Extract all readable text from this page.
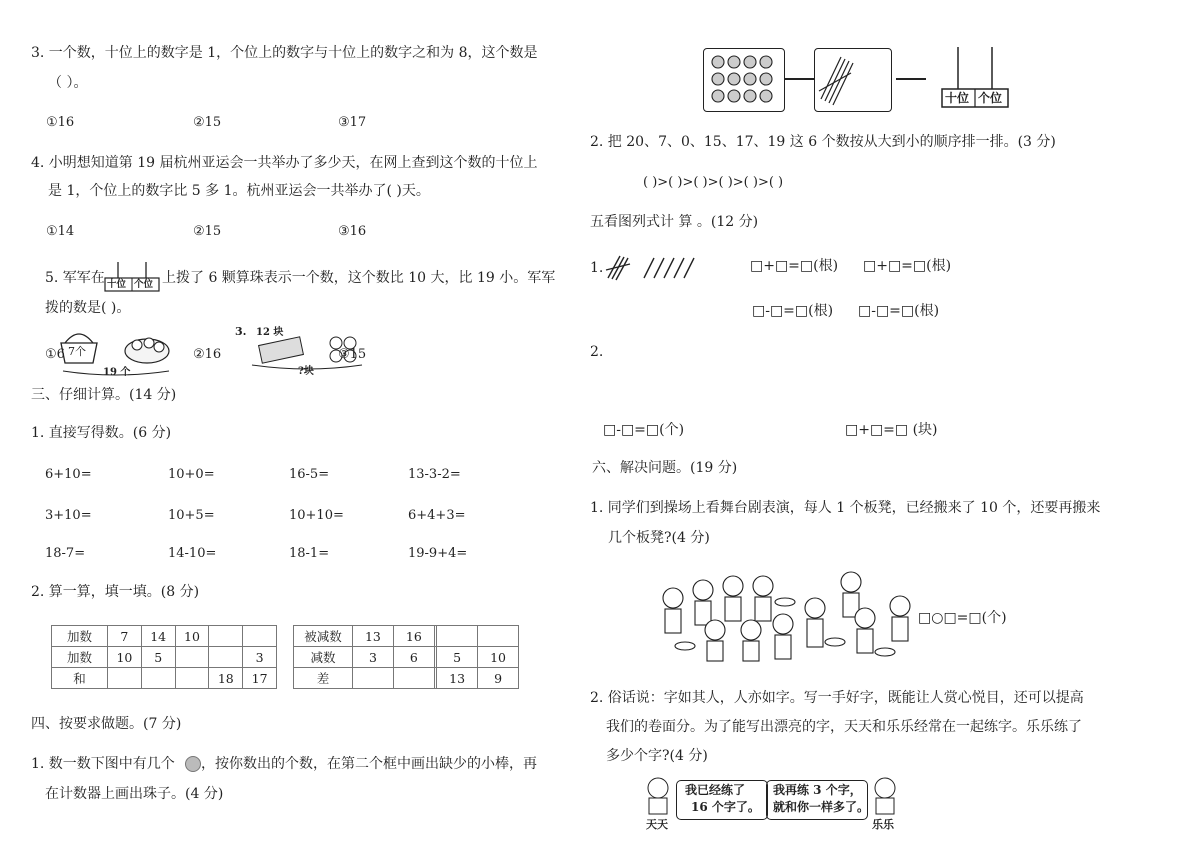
3. 一个数，十位上的数字是 1，个位上的数字与十位上的数字之和为 8，这个数是
（ ）。
①16	②15	③17
4. 小明想知道第 19 届杭州亚运会一共举办了多少天，在网上查到这个数的十位上
是 1，个位上的数字比 5 多 1。杭州亚运会一共举办了( )天。
①14	②15	③16
5. 军军在 十位 个位 上拨了 6 颗算珠表示一个数，这个数比 10 大，比 19 小。军军
拨的数是( )。
7个
19 个
①6	②16
3. 12 块
?块
③15
三、仔细计算。(14 分)
1. 直接写得数。(6 分)
6+10=	10+0=	16-5=	13-3-2=
3+10=	10+5=	10+10=	6+4+3=
18-7=	14-10=	18-1=	19-9+4=
2. 算一算，填一填。(8 分)
加数	7	14	10		
加数	10	5			3
和				18	17
被减数	13	16			
减数	3	6		5	10
差				13	9
四、按要求做题。(7 分)
1. 数一数下图中有几个 ，按你数出的个数，在第二个框中画出缺少的小棒，再
在计数器上画出珠子。(4 分)
十位 个位
2. 把 20、7、0、15、17、19 这 6 个数按从大到小的顺序排一排。(3 分)
( )>( )>( )>( )>( )>( )
五看图列式计 算 。(12 分)
1.	□+□=□(根) □+□=□(根)
□-□=□(根) □-□=□(根)
2.
□-□=□(个)	□+□=□ (块)
六、解决问题。(19 分)
1. 同学们到操场上看舞台剧表演，每人 1 个板凳，已经搬来了 10 个，还要再搬来
几个板凳?(4 分)
□○□=□(个)
2. 俗话说：字如其人，人亦如字。写一手好字，既能让人赏心悦目，还可以提高
我们的卷面分。为了能写出漂亮的字，天天和乐乐经常在一起练字。乐乐练了
多少个字?(4 分)
我已经练了
16 个字了。
我再练 3 个字，
就和你一样多了。
天天	乐乐
